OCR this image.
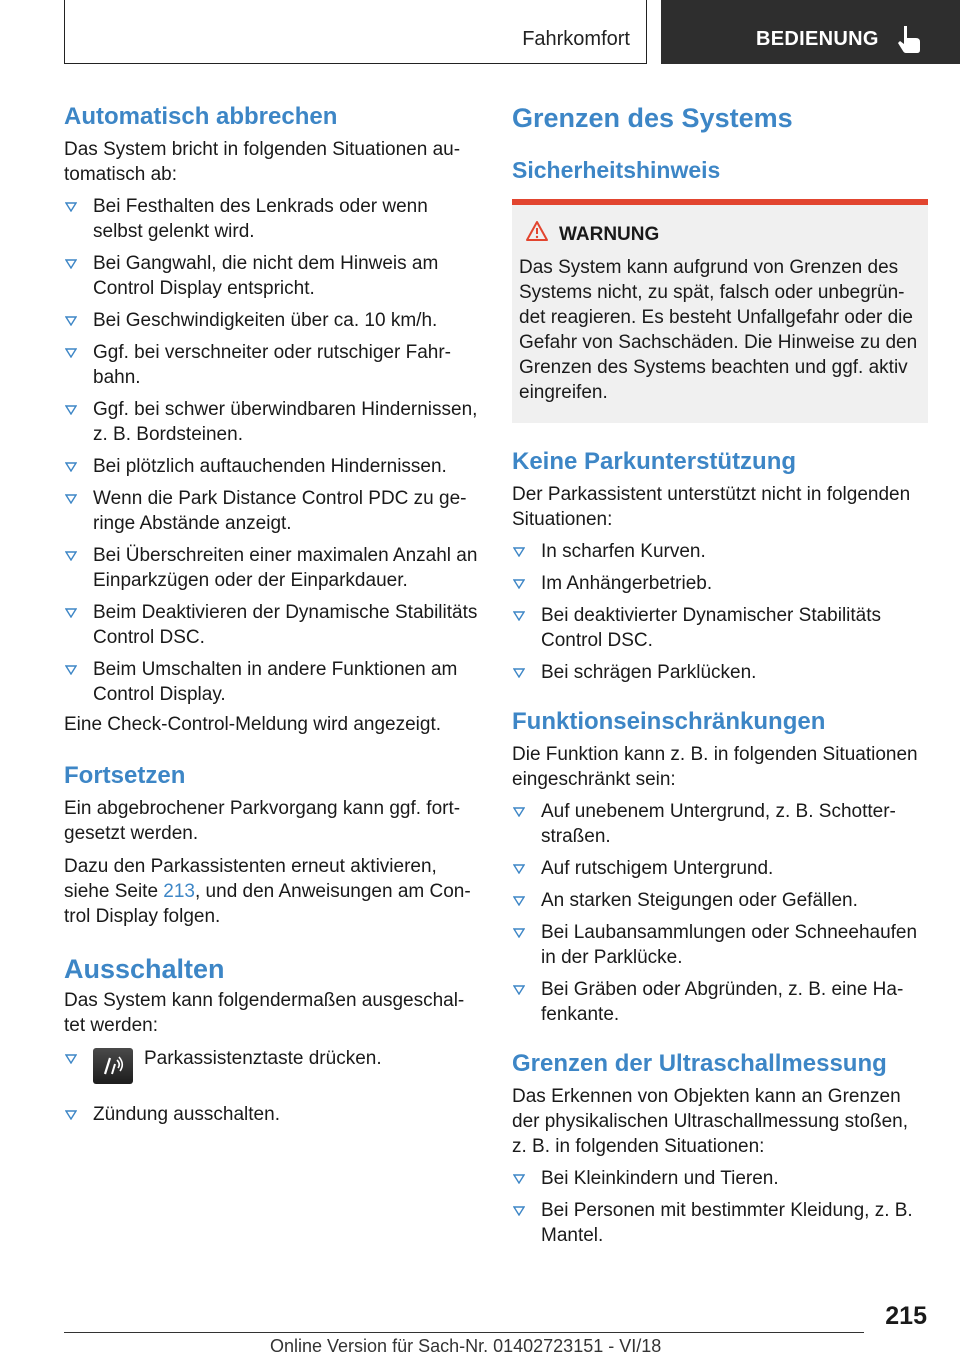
Fahrkomfort	BEDIENUNG
Automatisch abbrechen

Das System bricht in folgenden Situationen au-tomatisch ab:

Bei Festhalten des Lenkrads oder wenn selbst gelenkt wird.
Bei Gangwahl, die nicht dem Hinweis am Control Display entspricht.
Bei Geschwindigkeiten über ca. 10 km/h.
Ggf. bei verschneiter oder rutschiger Fahr-bahn.
Ggf. bei schwer überwindbaren Hindernissen, z. B. Bordsteinen.
Bei plötzlich auftauchenden Hindernissen.
Wenn die Park Distance Control PDC zu ge-ringe Abstände anzeigt.
Bei Überschreiten einer maximalen Anzahl an Einparkzügen oder der Einparkdauer.
Beim Deaktivieren der Dynamische Stabilitäts Control DSC.
Beim Umschalten in andere Funktionen am Control Display.

Eine Check-Control-Meldung wird angezeigt.

Fortsetzen

Ein abgebrochener Parkvorgang kann ggf. fort-gesetzt werden.

Dazu den Parkassistenten erneut aktivieren, siehe Seite 213, und den Anweisungen am Con-trol Display folgen.

Ausschalten

Das System kann folgendermaßen ausgeschal-tet werden:

Parkassistenztaste drücken.
Zündung ausschalten.
Grenzen des Systems
Sicherheitshinweis
WARNUNG

Das System kann aufgrund von Grenzen des Systems nicht, zu spät, falsch oder unbegrün-det reagieren. Es besteht Unfallgefahr oder die Gefahr von Sachschäden. Die Hinweise zu den Grenzen des Systems beachten und ggf. aktiv eingreifen.

Keine Parkunterstützung

Der Parkassistent unterstützt nicht in folgenden Situationen:

In scharfen Kurven.
Im Anhängerbetrieb.
Bei deaktivierter Dynamischer Stabilitäts Control DSC.
Bei schrägen Parklücken.
Funktionseinschränkungen

Die Funktion kann z. B. in folgenden Situationen eingeschränkt sein:

Auf unebenem Untergrund, z. B. Schotter-straßen.
Auf rutschigem Untergrund.
An starken Steigungen oder Gefällen.
Bei Laubansammlungen oder Schneehaufen in der Parklücke.
Bei Gräben oder Abgründen, z. B. eine Ha-fenkante.
Grenzen der Ultraschallmessung

Das Erkennen von Objekten kann an Grenzen der physikalischen Ultraschallmessung stoßen, z. B. in folgenden Situationen:

Bei Kleinkindern und Tieren.
Bei Personen mit bestimmter Kleidung, z. B. Mantel.
215
Online Version für Sach-Nr. 01402723151 - VI/18
